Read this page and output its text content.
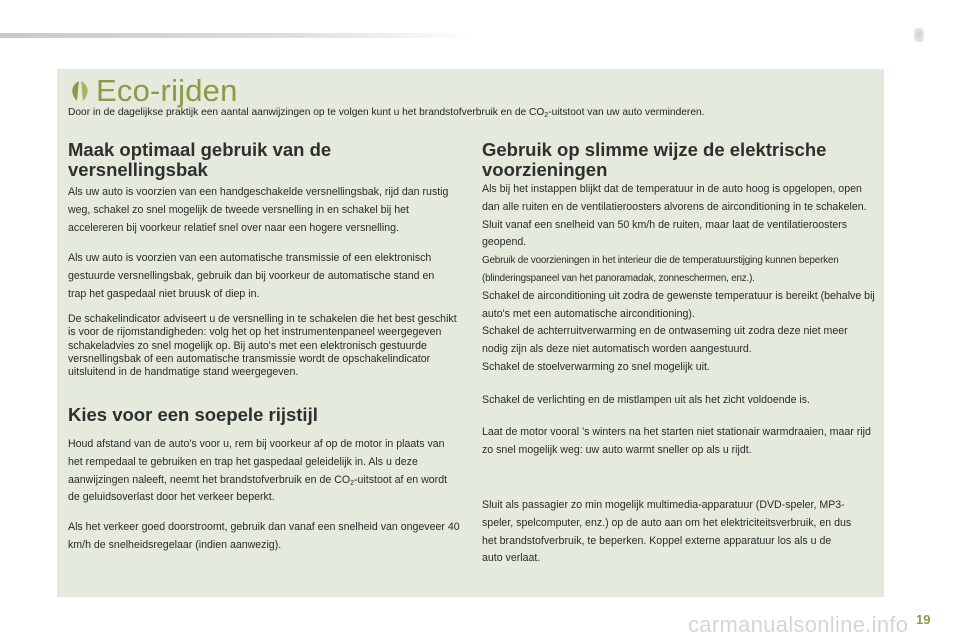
Eco-rijden
Door in de dagelijkse praktijk een aantal aanwijzingen op te volgen kunt u het brandstofverbruik en de $CO_2$-uitstoot van uw auto verminderen.
Maak optimaal gebruik van de versnellingsbak

Als uw auto is voorzien van een handgeschakelde versnellingsbak, rijd dan rustig weg, schakel zo snel mogelijk de tweede versnelling in en schakel bij het accelereren bij voorkeur relatief snel over naar een hogere versnelling.

Als uw auto is voorzien van een automatische transmissie of een elektronisch gestuurde versnellingsbak, gebruik dan bij voorkeur de automatische stand en trap het gaspedaal niet bruusk of diep in.

De schakelindicator adviseert u de versnelling in te schakelen die het best geschikt is voor de rijomstandigheden: volg het op het instrumentenpaneel weergegeven schakeladvies zo snel mogelijk op. Bij auto's met een elektronisch gestuurde versnellingsbak of een automatische transmissie wordt de opschakelindicator uitsluitend in de handmatige stand weergegeven.

Kies voor een soepele rijstijl

Houd afstand van de auto's voor u, rem bij voorkeur af op de motor in plaats van het rempedaal te gebruiken en trap het gaspedaal geleidelijk in. Als u deze aanwijzingen naleeft, neemt het brandstofverbruik en de $CO_2$-uitstoot af en wordt de geluidsoverlast door het verkeer beperkt.

Als het verkeer goed doorstroomt, gebruik dan vanaf een snelheid van ongeveer 40 km/h de snelheidsregelaar (indien aanwezig).

Gebruik op slimme wijze de elektrische voorzieningen

Als bij het instappen blijkt dat de temperatuur in de auto hoog is opgelopen, open dan alle ruiten en de ventilatieroosters alvorens de airconditioning in te schakelen.

Sluit vanaf een snelheid van 50 km/h de ruiten, maar laat de ventilatieroosters geopend.

Gebruik de voorzieningen in het interieur die de temperatuurstijging kunnen beperken (blinderingspaneel van het panoramadak, zonneschermen, enz.).

Schakel de airconditioning uit zodra de gewenste temperatuur is bereikt (behalve bij auto's met een automatische airconditioning).

Schakel de achterruitverwarming en de ontwaseming uit zodra deze niet meer nodig zijn als deze niet automatisch worden aangestuurd.

Schakel de stoelverwarming zo snel mogelijk uit.

Schakel de verlichting en de mistlampen uit als het zicht voldoende is.

Laat de motor vooral 's winters na het starten niet stationair warmdraaien, maar rijd zo snel mogelijk weg: uw auto warmt sneller op als u rijdt.

Sluit als passagier zo min mogelijk multimedia-apparatuur (DVD-speler, MP3-speler, spelcomputer, enz.) op de auto aan om het elektriciteitsverbruik, en dus het brandstofverbruik, te beperken. Koppel externe apparatuur los als u de auto verlaat.

carmanualsonline.info 19
